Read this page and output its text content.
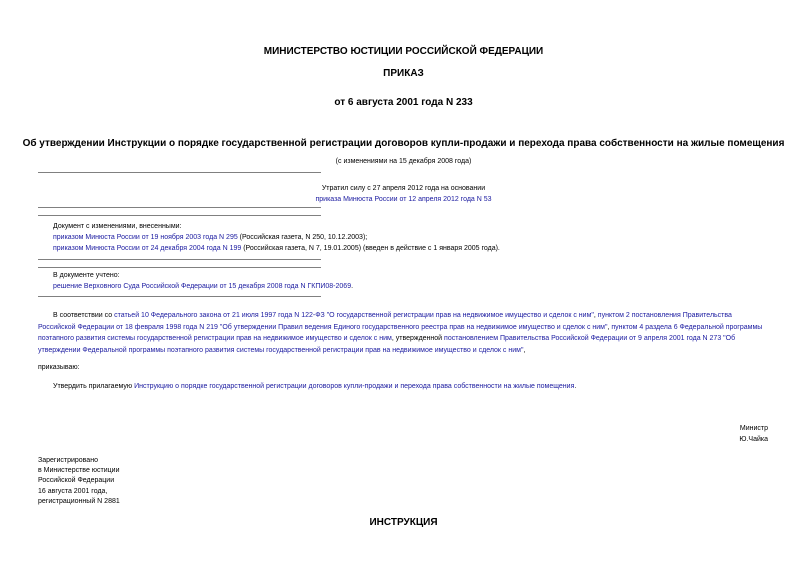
МИНИСТЕРСТВО ЮСТИЦИИ РОССИЙСКОЙ ФЕДЕРАЦИИ
ПРИКАЗ
от 6 августа 2001 года N 233
Об утверждении Инструкции о порядке государственной регистрации договоров купли-продажи и перехода права собственности на жилые помещения
(с изменениями на 15 декабря 2008 года)
Утратил силу с 27 апреля 2012 года на основании
приказа Минюста России от 12 апреля 2012 года N 53
Документ с изменениями, внесенными:
приказом Минюста России от 19 ноября 2003 года N 295 (Российская газета, N 250, 10.12.2003);
приказом Минюста России от 24 декабря 2004 года N 199 (Российская газета, N 7, 19.01.2005) (введен в действие с 1 января 2005 года).
В документе учтено:
решение Верховного Суда Российской Федерации от 15 декабря 2008 года N ГКПИ08-2069.

В соответствии со статьей 10 Федерального закона от 21 июля 1997 года N 122-ФЗ "О государственной регистрации прав на недвижимое имущество и сделок с ним", пунктом 2 постановления Правительства Российской Федерации от 18 февраля 1998 года N 219 "Об утверждении Правил ведения Единого государственного реестра прав на недвижимое имущество и сделок с ним", пунктом 4 раздела 6 Федеральной программы поэтапного развития системы государственной регистрации прав на недвижимое имущество и сделок с ним, утвержденной постановлением Правительства Российской Федерации от 9 апреля 2001 года N 273 "Об утверждении Федеральной программы поэтапного развития системы государственной регистрации прав на недвижимое имущество и сделок с ним",

приказываю:
Утвердить прилагаемую Инструкцию о порядке государственной регистрации договоров купли-продажи и перехода права собственности на жилые помещения.
Министр
Ю.Чайка
Зарегистрировано
в Министерстве юстиции
Российской Федерации
16 августа 2001 года,
регистрационный N 2881
ИНСТРУКЦИЯ
